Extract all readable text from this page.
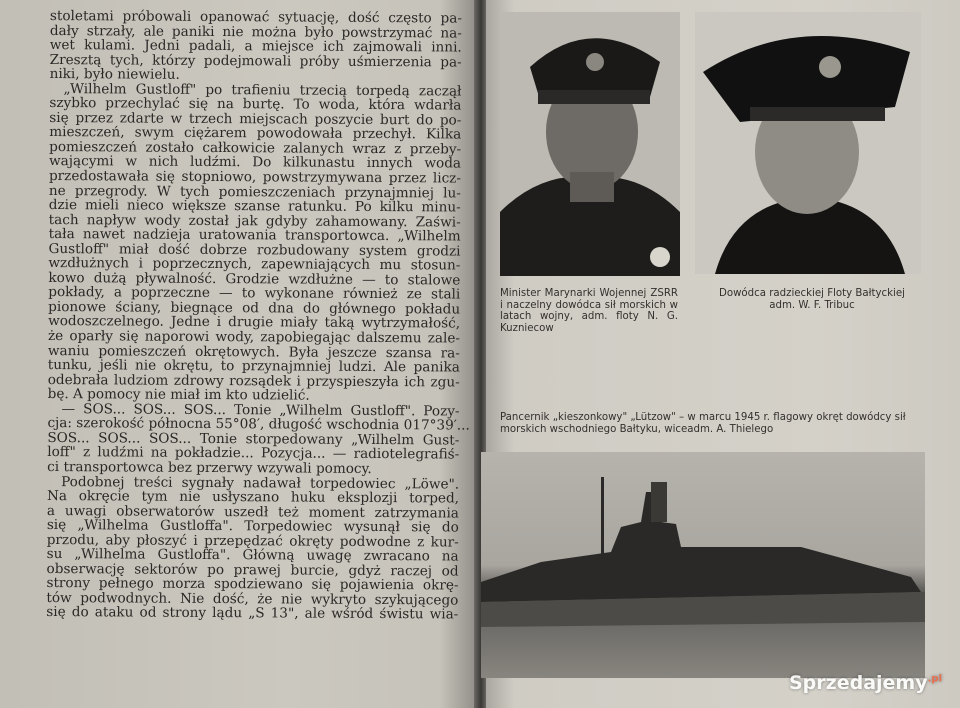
stoletami próbowali opanować sytuację, dość często pa-
dały strzały, ale paniki nie można było powstrzymać na-
wet kulami. Jedni padali, a miejsce ich zajmowali inni.
Zresztą tych, którzy podejmowali próby uśmierzenia pa-
niki, było niewielu.
„Wilhelm Gustloff" po trafieniu trzecią torpedą zaczął
szybko przechylać się na burtę. To woda, która wdarła
się przez zdarte w trzech miejscach poszycie burt do po-
mieszczeń, swym ciężarem powodowała przechył. Kilka
pomieszczeń zostało całkowicie zalanych wraz z przeby-
wającymi w nich ludźmi. Do kilkunastu innych woda
przedostawała się stopniowo, powstrzymywana przez licz-
ne przegrody. W tych pomieszczeniach przynajmniej lu-
dzie mieli nieco większe szanse ratunku. Po kilku minu-
tach napływ wody został jak gdyby zahamowany. Zaświ-
tała nawet nadzieja uratowania transportowca. „Wilhelm
Gustloff" miał dość dobrze rozbudowany system grodzi
wzdłużnych i poprzecznych, zapewniających mu stosun-
kowo dużą pływalność. Grodzie wzdłużne — to stalowe
pokłady, a poprzeczne — to wykonane również ze stali
pionowe ściany, biegnące od dna do głównego pokładu
wodoszczelnego. Jedne i drugie miały taką wytrzymałość,
że oparły się naporowi wody, zapobiegając dalszemu zale-
waniu pomieszczeń okrętowych. Była jeszcze szansa ra-
tunku, jeśli nie okrętu, to przynajmniej ludzi. Ale panika
odebrała ludziom zdrowy rozsądek i przyspieszyła ich zgu-
bę. A pomocy nie miał im kto udzielić.
— SOS... SOS... SOS... Tonie „Wilhelm Gustloff". Pozy-
cja: szerokość północna 55°08′, długość wschodnia 017°39′...
SOS... SOS... SOS... Tonie storpedowany „Wilhelm Gust-
loff" z ludźmi na pokładzie... Pozycja... — radiotelegrafiś-
ci transportowca bez przerwy wzywali pomocy.
Podobnej treści sygnały nadawał torpedowiec „Löwe".
Na okręcie tym nie usłyszano huku eksplozji torped,
a uwagi obserwatorów uszedł też moment zatrzymania
się „Wilhelma Gustloffa". Torpedowiec wysunął się do
przodu, aby płoszyć i przepędzać okręty podwodne z kur-
su „Wilhelma Gustloffa". Główną uwagę zwracano na
obserwację sektorów po prawej burcie, gdyż raczej od
strony pełnego morza spodziewano się pojawienia okrę-
tów podwodnych. Nie dość, że nie wykryto szykującego
się do ataku od strony lądu „S 13", ale wśród świstu wia-
Minister Marynarki Wojennej ZSRR i naczelny dowódca sił morskich w latach wojny, adm. floty N. G. Kuzniecow
Dowódca radzieckiej Floty Bałtyckiej adm. W. F. Tribuc
Pancernik „kieszonkowy" „Lützow" – w marcu 1945 r. flagowy okręt dowódcy sił morskich wschodniego Bałtyku, wiceadm. A. Thielego
Sprzedajemy$^{.pl}$
